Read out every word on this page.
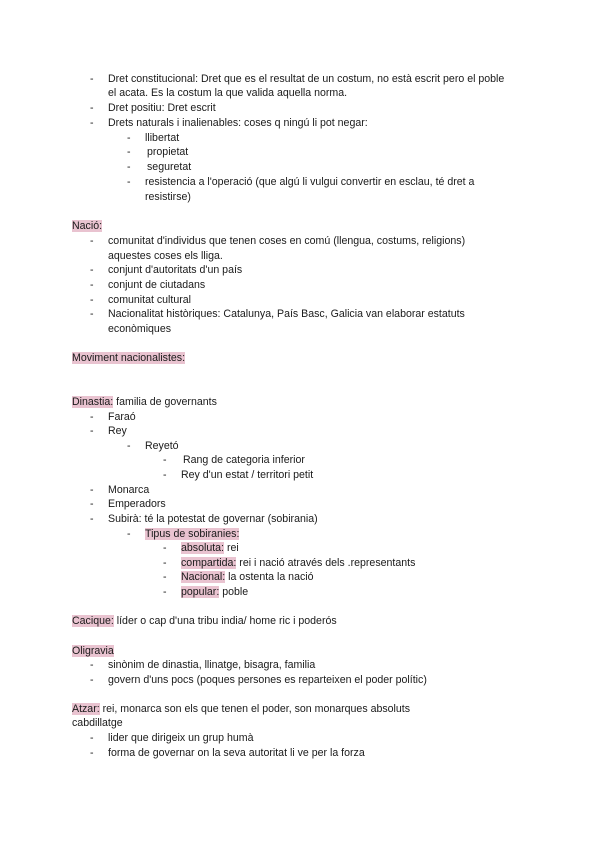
- Dret constitucional: Dret que es el resultat de un costum, no està escrit pero el poble
el acata. Es la costum la que valida aquella norma.
- Dret positiu: Dret escrit
- Drets naturals i inalienables: coses q ningú li pot negar:
- llibertat
- propietat
- seguretat
- resistencia a l'operació (que algú li vulgui convertir en esclau, té dret a
resistirse)
Nació:
- comunitat d'individus que tenen coses en comú (llengua, costums, religions)
aquestes coses els lliga.
- conjunt d'autoritats d'un país
- conjunt de ciutadans
- comunitat cultural
- Nacionalitat històriques: Catalunya, País Basc, Galicia van elaborar estatuts
econòmiques
Moviment nacionalistes:
Dinastia: familia de governants
- Faraó
- Rey
- Reyetó
- Rang de categoria inferior
- Rey d'un estat / territori petit
- Monarca
- Emperadors
- Subirà: té la potestat de governar (sobirania)
- Tipus de sobiranies:
- absoluta: rei
- compartida: rei i nació através dels .representants
- Nacional: la ostenta la nació
- popular: poble
Cacique: líder o cap d'una tribu india/ home ric i poderós
Oligravia
- sinònim de dinastia, llinatge, bisagra, familia
- govern d'uns pocs (poques persones es reparteixen el poder polític)
Atzar: rei, monarca son els que tenen el poder, son monarques absoluts
cabdillatge
- lider que dirigeix un grup humà
- forma de governar on la seva autoritat li ve per la forza
